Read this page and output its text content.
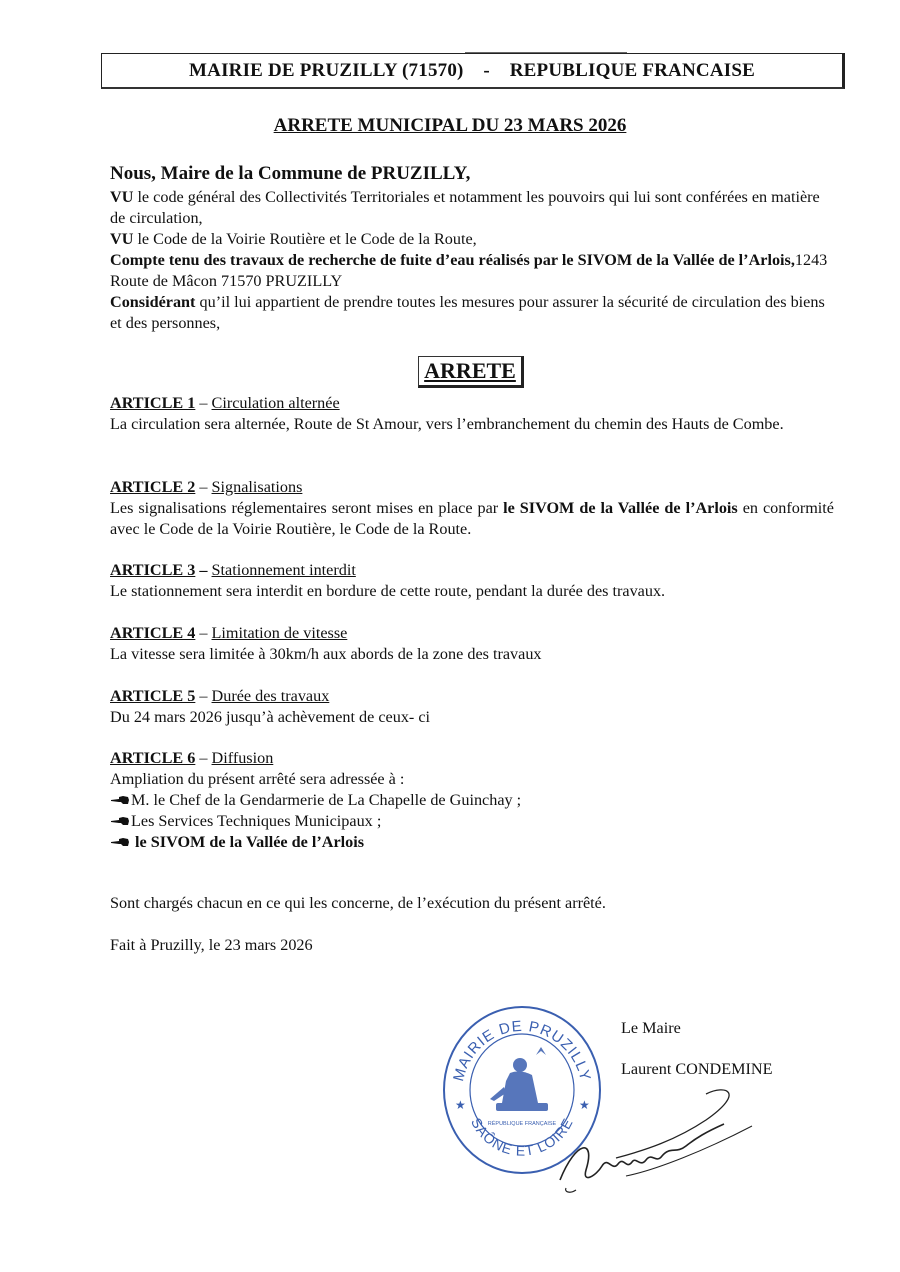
MAIRIE DE PRUZILLY (71570)
-
REPUBLIQUE FRANCAISE
ARRETE MUNICIPAL DU 23 MARS 2026
Nous, Maire de la Commune de PRUZILLY,
VU le code général des Collectivités Territoriales et notamment les pouvoirs qui lui sont conférées en matière de circulation,
VU le Code de la Voirie Routière et le Code de la Route,
Compte tenu des travaux de recherche de fuite d’eau réalisés par le SIVOM de la Vallée de l’Arlois,1243 Route de Mâcon 71570 PRUZILLY
Considérant qu’il lui appartient de prendre toutes les mesures pour assurer la sécurité de circulation des biens et des personnes,
ARRETE
ARTICLE 1 – Circulation alternée
La circulation sera alternée, Route de St Amour, vers l’embranchement du chemin des Hauts de Combe.
ARTICLE 2 – Signalisations
Les signalisations réglementaires seront mises en place par le SIVOM de la Vallée de l’Arlois en conformité avec le Code de la Voirie Routière, le Code de la Route.
ARTICLE 3 – Stationnement interdit
Le stationnement sera interdit en bordure de cette route, pendant la durée des travaux.
ARTICLE 4 – Limitation de vitesse
La vitesse sera limitée à 30km/h aux abords de la zone des travaux
ARTICLE 5 – Durée des travaux
Du 24 mars 2026 jusqu’à achèvement de ceux- ci
ARTICLE 6 – Diffusion
Ampliation du présent arrêté sera adressée à :
M. le Chef de la Gendarmerie de La Chapelle de Guinchay ;
Les Services Techniques Municipaux ;
le SIVOM de la Vallée de l’Arlois
Sont chargés chacun en ce qui les concerne, de l’exécution du présent arrêté.
Fait à Pruzilly, le 23 mars 2026
Le Maire
Laurent CONDEMINE
MAIRIE DE PRUZILLY
SAÔNE ET LOIRE
★	★
RÉPUBLIQUE FRANÇAISE
